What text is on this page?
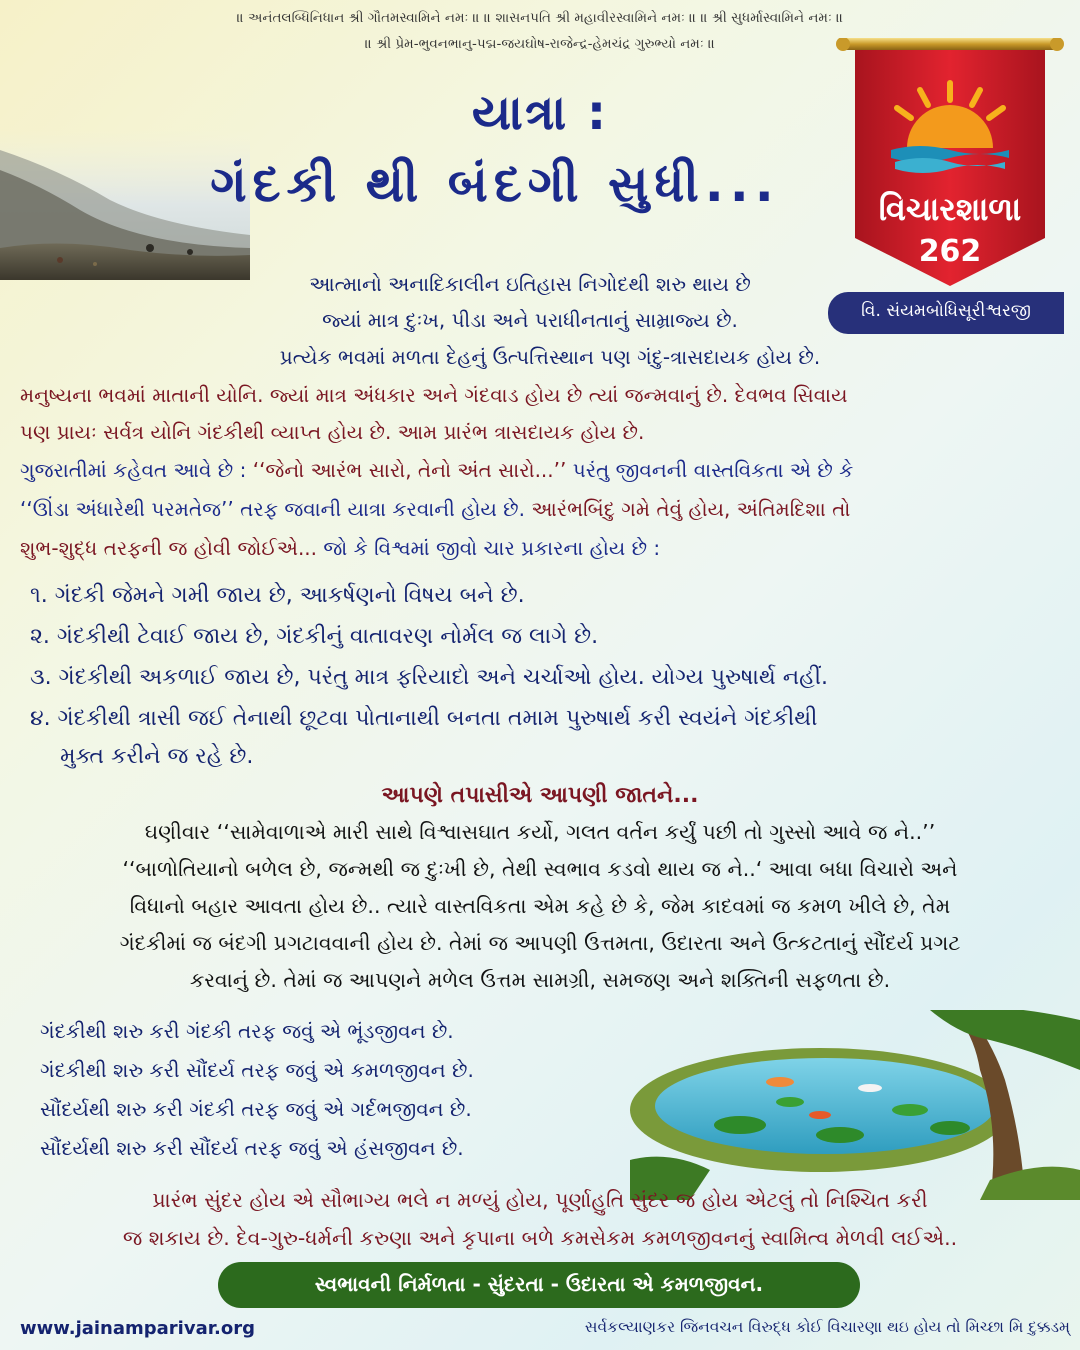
॥ અનંતલબ્ધિનિધાન શ્રી ગૌતમસ્વામિને નમઃ ॥ ॥ શાસનપતિ શ્રી મહાવીરસ્વામિને નમઃ ॥ ॥ શ્રી સુધર્માસ્વામિને નમઃ ॥
॥ શ્રી પ્રેમ-ભુવનભાનુ-પદ્મ-જયઘોષ-રાજેન્દ્ર-હેમચંદ્ર ગુરુભ્યો નમઃ ॥
યાત્રા :
ગંદકી થી બંદગી સુધી...	વિચારશાળા
262
વિ. સંયમબોધિસૂરીશ્વરજી
આત્માનો અનાદિકાલીન ઇતિહાસ નિગોદથી શરુ થાય છે
જ્યાં માત્ર દુઃખ, પીડા અને પરાધીનતાનું સામ્રાજ્ય છે.
પ્રત્યેક ભવમાં મળતા દેહનું ઉત્પત્તિસ્થાન પણ ગંદુ-ત્રાસદાયક હોય છે.
મનુષ્યના ભવમાં માતાની યોનિ. જ્યાં માત્ર અંધકાર અને ગંદવાડ હોય છે ત્યાં જન્મવાનું છે. દેવભવ સિવાય
પણ પ્રાયઃ સર્વત્ર યોનિ ગંદકીથી વ્યાપ્ત હોય છે. આમ પ્રારંભ ત્રાસદાયક હોય છે.
ગુજરાતીમાં કહેવત આવે છે : ‘‘જેનો આરંભ સારો, તેનો અંત સારો...’’ પરંતુ જીવનની વાસ્તવિકતા એ છે કે
‘‘ઊંડા અંધારેથી પરમતેજ’’ તરફ જવાની યાત્રા કરવાની હોય છે. આરંભબિંદુ ગમે તેવું હોય, અંતિમદિશા તો
શુભ-શુદ્ધ તરફની જ હોવી જોઈએ... જો કે વિશ્વમાં જીવો ચાર પ્રકારના હોય છે :
૧. ગંદકી જેમને ગમી જાય છે, આકર્ષણનો વિષય બને છે.
૨. ગંદકીથી ટેવાઈ જાય છે, ગંદકીનું વાતાવરણ નોર્મલ જ લાગે છે.
૩. ગંદકીથી અકળાઈ જાય છે, પરંતુ માત્ર ફરિયાદો અને ચર્ચાઓ હોય. યોગ્ય પુરુષાર્થ નહીં.
૪. ગંદકીથી ત્રાસી જઈ તેનાથી છૂટવા પોતાનાથી બનતા તમામ પુરુષાર્થ કરી સ્વયંને ગંદકીથી
મુક્ત કરીને જ રહે છે.
આપણે તપાસીએ આપણી જાતને...
ઘણીવાર ‘‘સામેવાળાએ મારી સાથે વિશ્વાસઘાત કર્યો, ગલત વર્તન કર્યું પછી તો ગુસ્સો આવે જ ને..’’
‘‘બાળોતિયાનો બળેલ છે, જન્મથી જ દુઃખી છે, તેથી સ્વભાવ કડવો થાય જ ને..‘ આવા બધા વિચારો અને
વિધાનો બહાર આવતા હોય છે.. ત્યારે વાસ્તવિકતા એમ કહે છે કે, જેમ કાદવમાં જ કમળ ખીલે છે, તેમ
ગંદકીમાં જ બંદગી પ્રગટાવવાની હોય છે. તેમાં જ આપણી ઉત્તમતા, ઉદારતા અને ઉત્કટતાનું સૌંદર્ય પ્રગટ
કરવાનું છે. તેમાં જ આપણને મળેલ ઉત્તમ સામગ્રી, સમજણ અને શક્તિની સફળતા છે.
ગંદકીથી શરુ કરી ગંદકી તરફ જવું એ ભૂંડજીવન છે.
ગંદકીથી શરુ કરી સૌંદર્ય તરફ જવું એ કમળજીવન છે.
સૌંદર્યથી શરુ કરી ગંદકી તરફ જવું એ ગર્દભજીવન છે.
સૌંદર્યથી શરુ કરી સૌંદર્ય તરફ જવું એ હંસજીવન છે.
પ્રારંભ સુંદર હોય એ સૌભાગ્ય ભલે ન મળ્યું હોય, પૂર્ણાહુતિ સુંદર જ હોય એટલું તો નિશ્ચિત કરી
જ શકાય છે. દેવ-ગુરુ-ધર્મની કરુણા અને કૃપાના બળે કમસેકમ કમળજીવનનું સ્વામિત્વ મેળવી લઈએ..
સ્વભાવની નિર્મળતા - સુંદરતા - ઉદારતા એ કમળજીવન.
www.jainamparivar.org	સર્વકલ્યાણકર જિનવચન વિરુદ્ધ કોઈ વિચારણા થઇ હોય તો મિચ્છા મિ દુક્કડમ્
